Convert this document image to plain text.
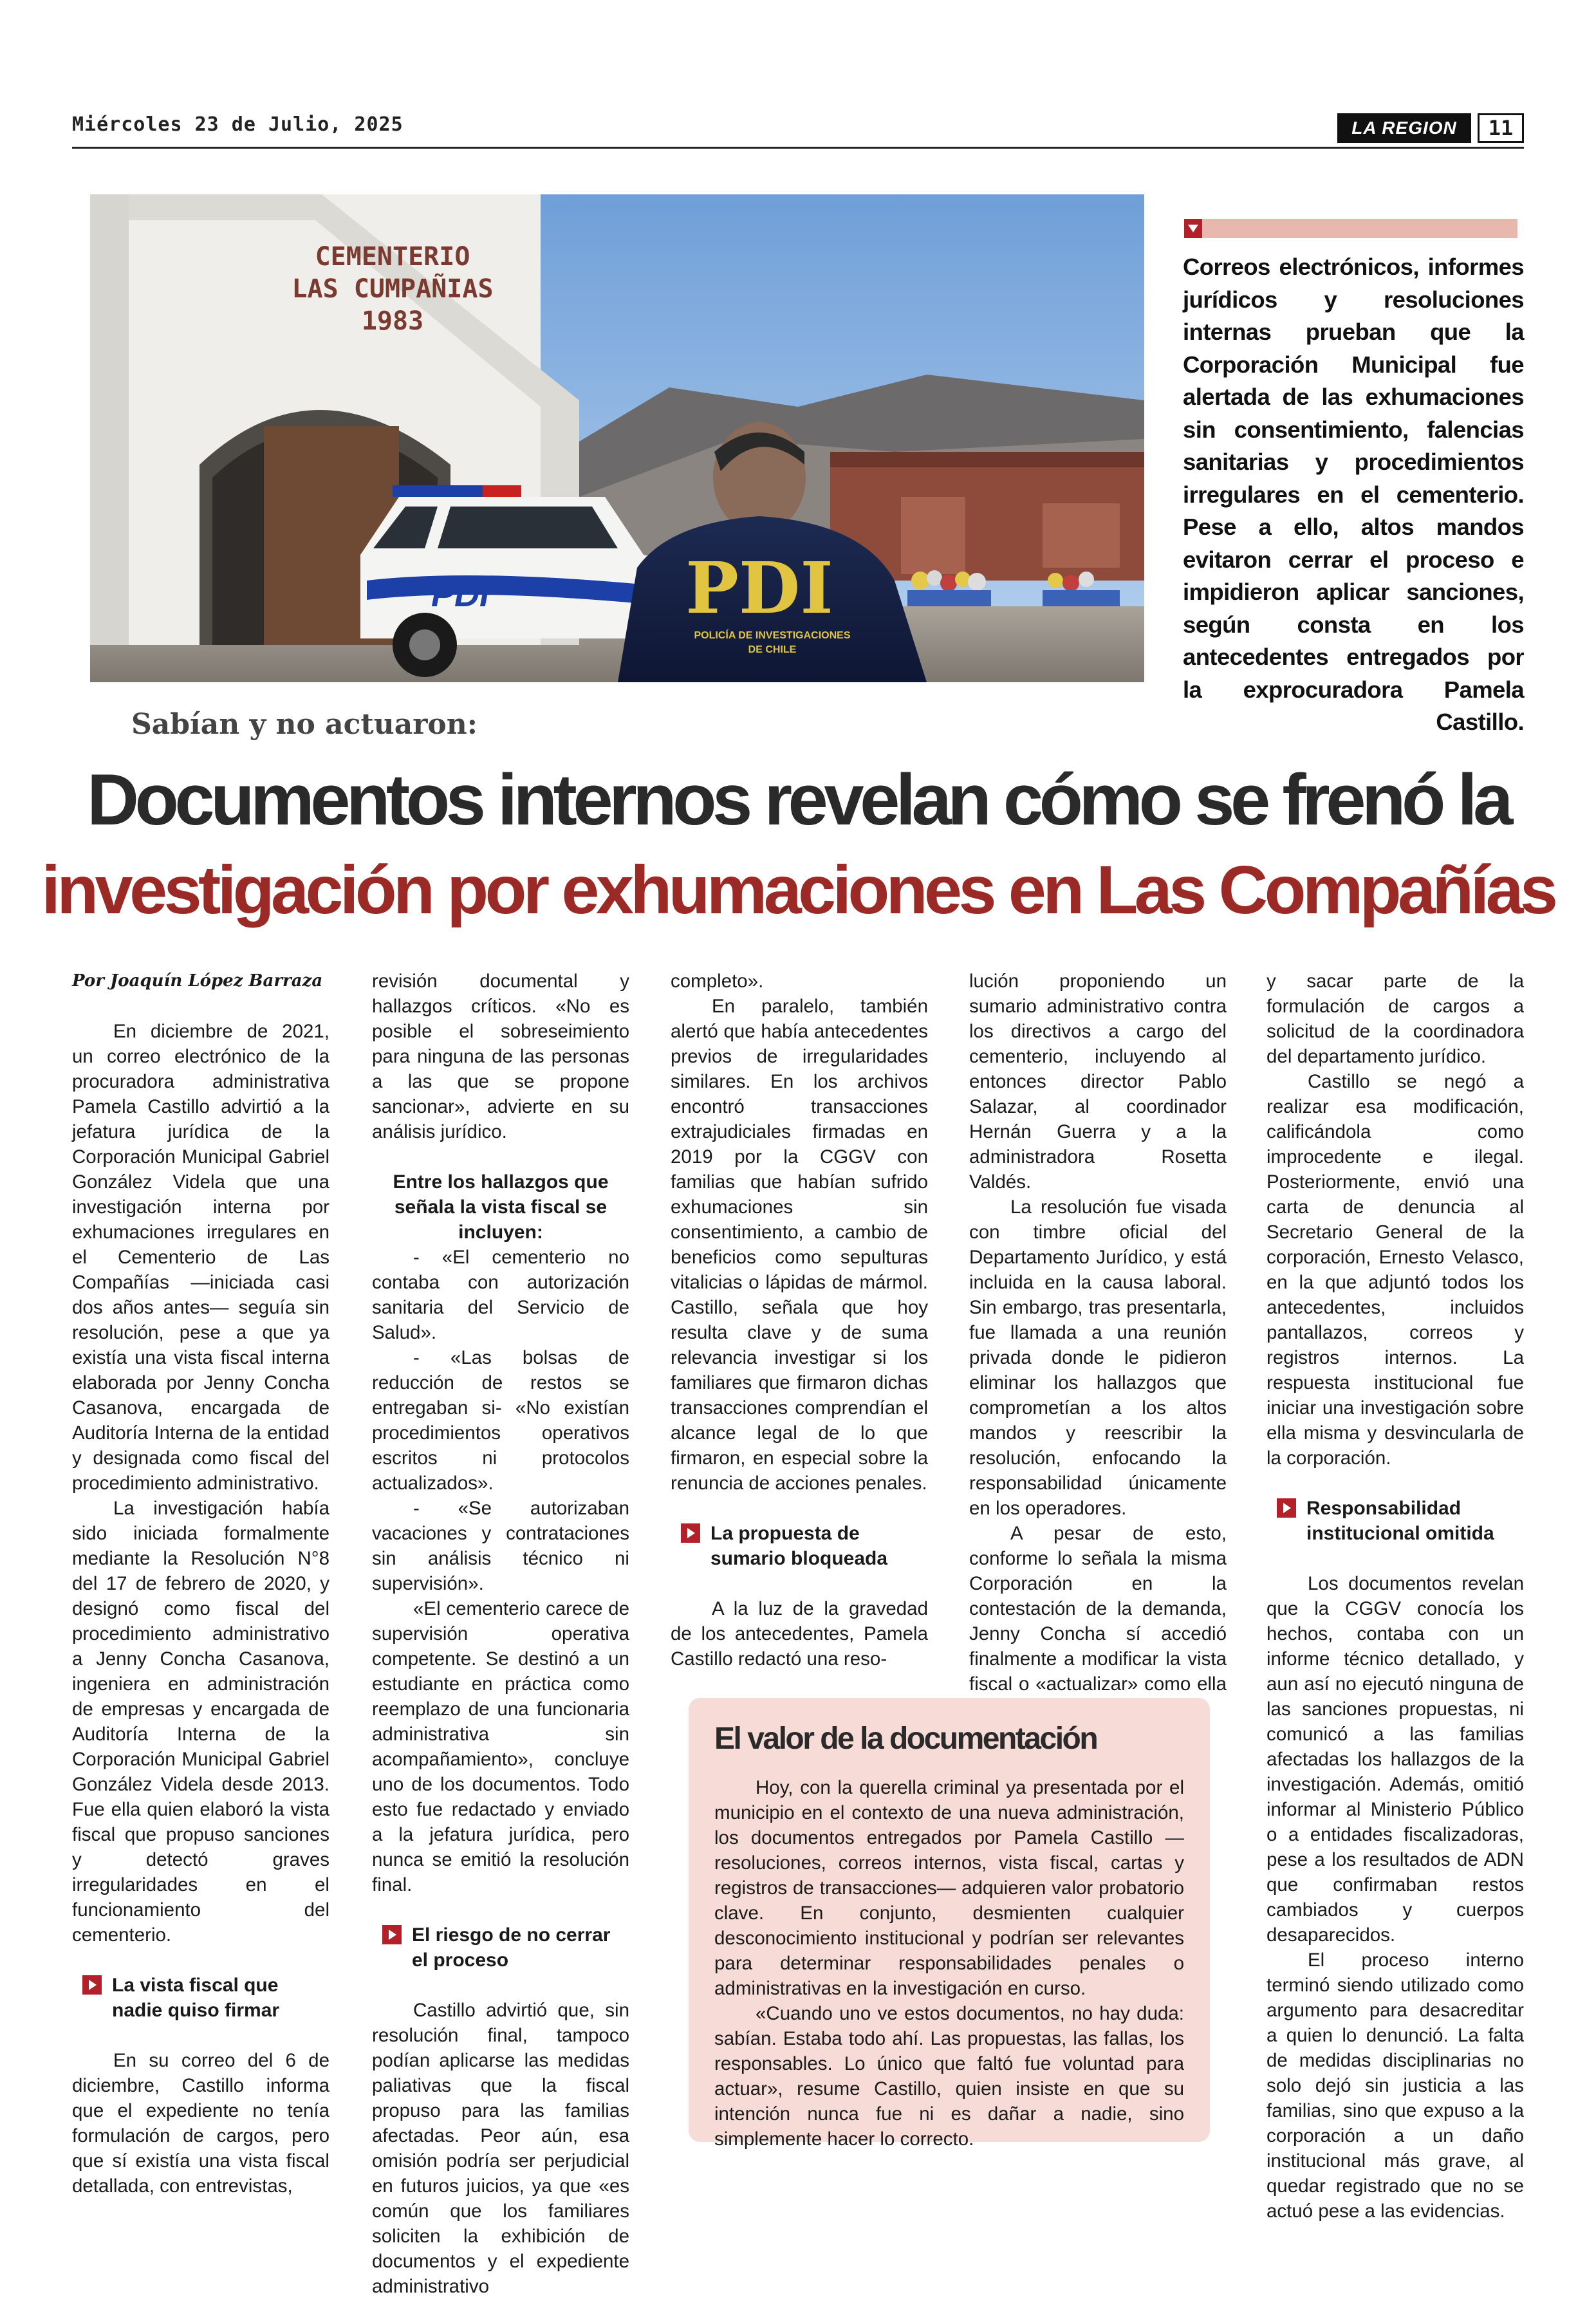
Miércoles 23 de Julio, 2025	LA REGION	11
CEMENTERIO
LAS CUMPAÑIAS
1983
PDI	PDI
POLICÍA DE INVESTIGACIONES
DE CHILE
Correos electrónicos, informes jurídicos y resoluciones internas prueban que la Corporación Municipal fue alertada de las exhumaciones sin consentimiento, falencias sanitarias y procedimientos irregulares en el cementerio. Pese a ello, altos mandos evitaron cerrar el proceso e impidieron aplicar sanciones, según consta en los antecedentes entregados por la exprocuradora Pamela Castillo.
Sabían y no actuaron:
Documentos internos revelan cómo se frenó la
investigación por exhumaciones en Las Compañías
Por Joaquín López Barraza

En diciembre de 2021, un correo electrónico de la procuradora administrativa Pamela Castillo advirtió a la jefatura jurídica de la Corporación Municipal Gabriel González Videla que una investigación interna por exhumaciones irregulares en el Cementerio de Las Compañías —iniciada casi dos años antes— seguía sin resolución, pese a que ya existía una vista fiscal interna elaborada por Jenny Concha Casanova, encargada de Auditoría Interna de la entidad y designada como fiscal del procedimiento administrativo.

La investigación había sido iniciada formalmente mediante la Resolución N°8 del 17 de febrero de 2020, y designó como fiscal del procedimiento administrativo a Jenny Concha Casanova, ingeniera en administración de empresas y encargada de Auditoría Interna de la Corporación Municipal Gabriel González Videla desde 2013. Fue ella quien elaboró la vista fiscal que propuso sanciones y detectó graves irregularidades en el funcionamiento del cementerio.

La vista fiscal que nadie quiso firmar

En su correo del 6 de diciembre, Castillo informa que el expediente no tenía formulación de cargos, pero que sí existía una vista fiscal detallada, con entrevistas,

revisión documental y hallazgos críticos. «No es posible el sobreseimiento para ninguna de las personas a las que se propone sancionar», advierte en su análisis jurídico.

Entre los hallazgos que señala la vista fiscal se incluyen:

- «El cementerio no contaba con autorización sanitaria del Servicio de Salud».

- «Las bolsas de reducción de restos se entregaban si- «No existían procedimientos operativos escritos ni protocolos actualizados».

- «Se autorizaban vacaciones y contrataciones sin análisis técnico ni supervisión».

«El cementerio carece de supervisión operativa competente. Se destinó a un estudiante en práctica como reemplazo de una funcionaria administrativa sin acompañamiento», concluye uno de los documentos. Todo esto fue redactado y enviado a la jefatura jurídica, pero nunca se emitió la resolución final.

El riesgo de no cerrar el proceso

Castillo advirtió que, sin resolución final, tampoco podían aplicarse las medidas paliativas que la fiscal propuso para las familias afectadas. Peor aún, esa omisión podría ser perjudicial en futuros juicios, ya que «es común que los familiares soliciten la exhibición de documentos y el expediente administrativo

completo».

En paralelo, también alertó que había antecedentes previos de irregularidades similares. En los archivos encontró transacciones extrajudiciales firmadas en 2019 por la CGGV con familias que habían sufrido exhumaciones sin consentimiento, a cambio de beneficios como sepulturas vitalicias o lápidas de mármol. Castillo, señala que hoy resulta clave y de suma relevancia investigar si los familiares que firmaron dichas transacciones comprendían el alcance legal de lo que firmaron, en especial sobre la renuncia de acciones penales.

La propuesta de sumario bloqueada

A la luz de la gravedad de los antecedentes, Pamela Castillo redactó una reso-

lución proponiendo un sumario administrativo contra los directivos a cargo del cementerio, incluyendo al entonces director Pablo Salazar, al coordinador Hernán Guerra y a la administradora Rosetta Valdés.

La resolución fue visada con timbre oficial del Departamento Jurídico, y está incluida en la causa laboral. Sin embargo, tras presentarla, fue llamada a una reunión privada donde le pidieron eliminar los hallazgos que comprometían a los altos mandos y reescribir la resolución, enfocando la responsabilidad únicamente en los operadores.

A pesar de esto, conforme lo señala la misma Corporación en la contestación de la demanda, Jenny Concha sí accedió finalmente a modificar la vista fiscal o «actualizar» como ella

y sacar parte de la formulación de cargos a solicitud de la coordinadora del departamento jurídico.

Castillo se negó a realizar esa modificación, calificándola como improcedente e ilegal. Posteriormente, envió una carta de denuncia al Secretario General de la corporación, Ernesto Velasco, en la que adjuntó todos los antecedentes, incluidos pantallazos, correos y registros internos. La respuesta institucional fue iniciar una investigación sobre ella misma y desvincularla de la corporación.

Responsabilidad institucional omitida

Los documentos revelan que la CGGV conocía los hechos, contaba con un informe técnico detallado, y aun así no ejecutó ninguna de las sanciones propuestas, ni comunicó a las familias afectadas los hallazgos de la investigación. Además, omitió informar al Ministerio Público o a entidades fiscalizadoras, pese a los resultados de ADN que confirmaban restos cambiados y cuerpos desaparecidos.

El proceso interno terminó siendo utilizado como argumento para desacreditar a quien lo denunció. La falta de medidas disciplinarias no solo dejó sin justicia a las familias, sino que expuso a la corporación a un daño institucional más grave, al quedar registrado que no se actuó pese a las evidencias.

El valor de la documentación

Hoy, con la querella criminal ya presentada por el municipio en el contexto de una nueva administración, los documentos entregados por Pamela Castillo —resoluciones, correos internos, vista fiscal, cartas y registros de transacciones— adquieren valor probatorio clave. En conjunto, desmienten cualquier desconocimiento institucional y podrían ser relevantes para determinar responsabilidades penales o administrativas en la investigación en curso.

«Cuando uno ve estos documentos, no hay duda: sabían. Estaba todo ahí. Las propuestas, las fallas, los responsables. Lo único que faltó fue voluntad para actuar», resume Castillo, quien insiste en que su intención nunca fue ni es dañar a nadie, sino simplemente hacer lo correcto.
